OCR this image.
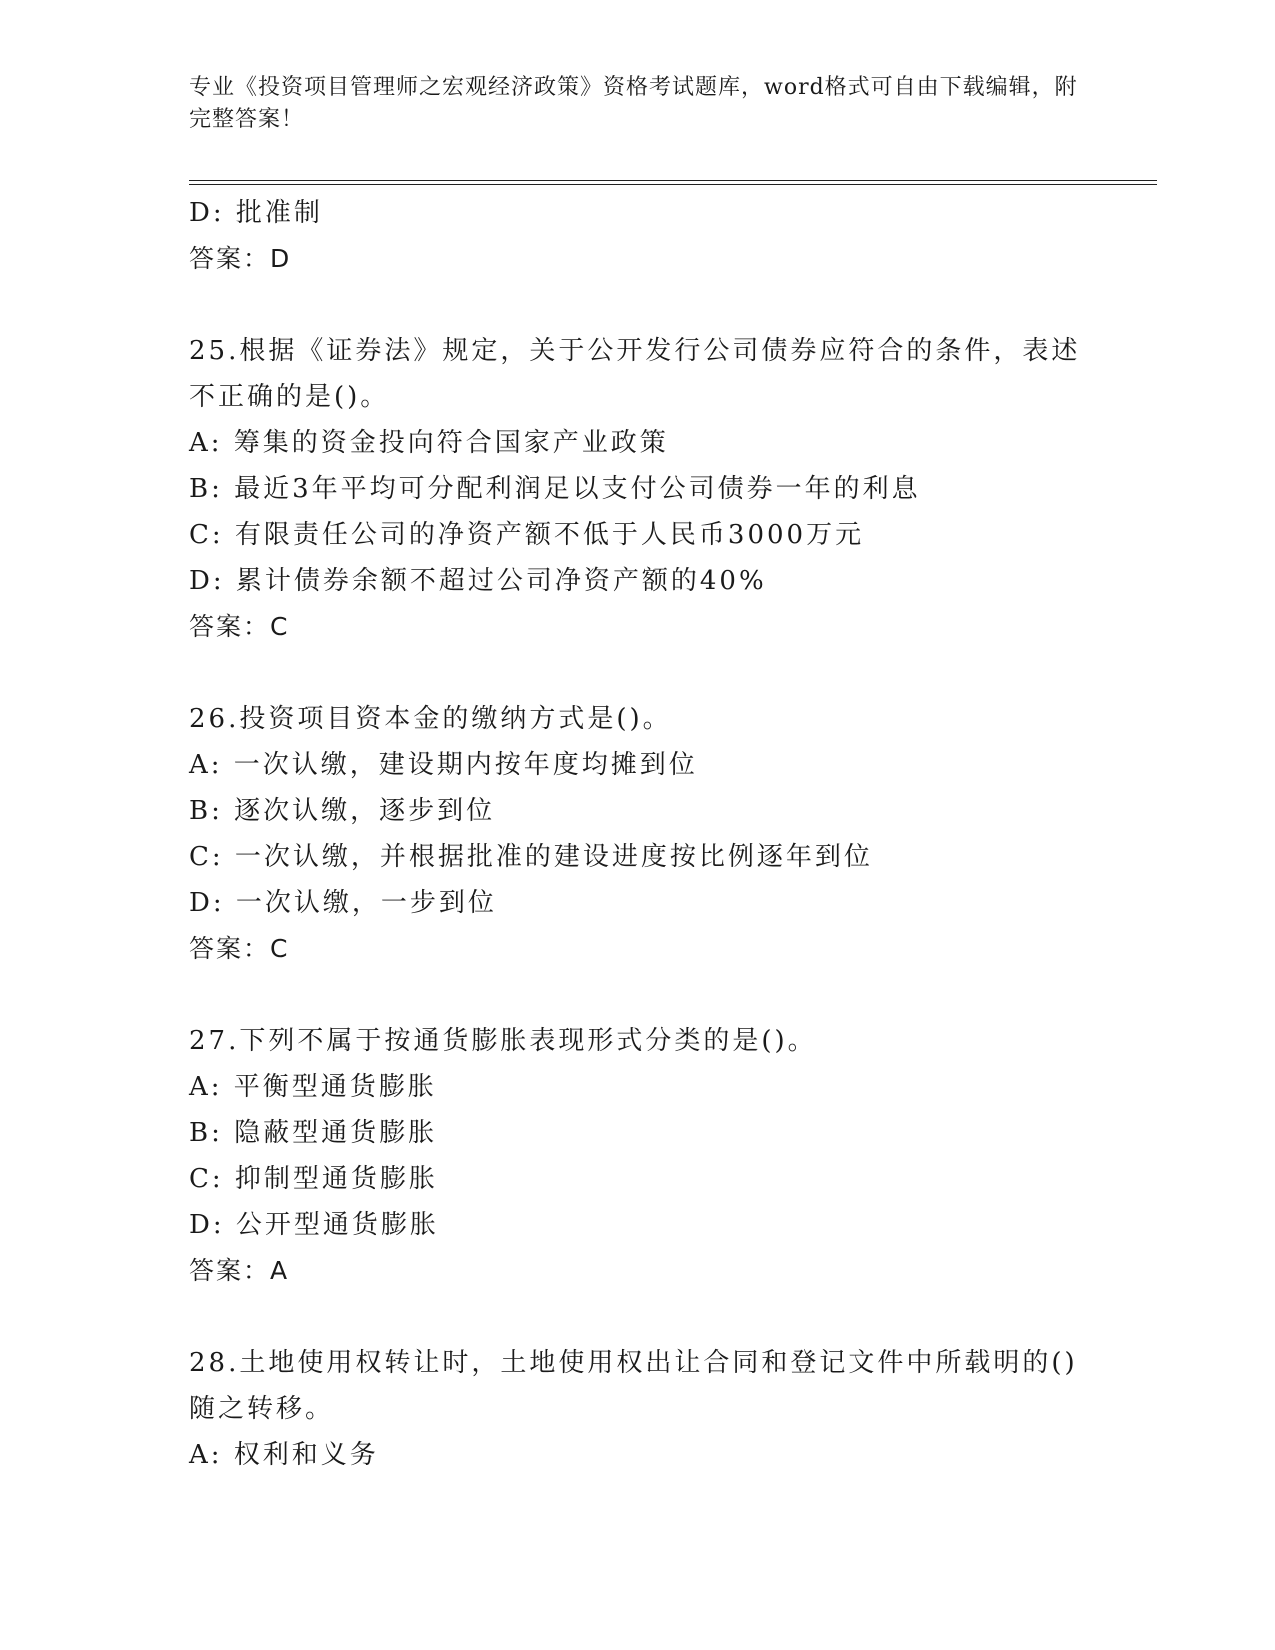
专业《投资项目管理师之宏观经济政策》资格考试题库，word格式可自由下载编辑，附完整答案！
D: 批准制
答案：D
25.根据《证券法》规定，关于公开发行公司债券应符合的条件，表述不正确的是()。
A: 筹集的资金投向符合国家产业政策
B: 最近3年平均可分配利润足以支付公司债券一年的利息
C: 有限责任公司的净资产额不低于人民币3000万元
D: 累计债券余额不超过公司净资产额的40%
答案：C
26.投资项目资本金的缴纳方式是()。
A: 一次认缴，建设期内按年度均摊到位
B: 逐次认缴，逐步到位
C: 一次认缴，并根据批准的建设进度按比例逐年到位
D: 一次认缴，一步到位
答案：C
27.下列不属于按通货膨胀表现形式分类的是()。
A: 平衡型通货膨胀
B: 隐蔽型通货膨胀
C: 抑制型通货膨胀
D: 公开型通货膨胀
答案：A
28.土地使用权转让时，土地使用权出让合同和登记文件中所载明的()随之转移。
A: 权利和义务
